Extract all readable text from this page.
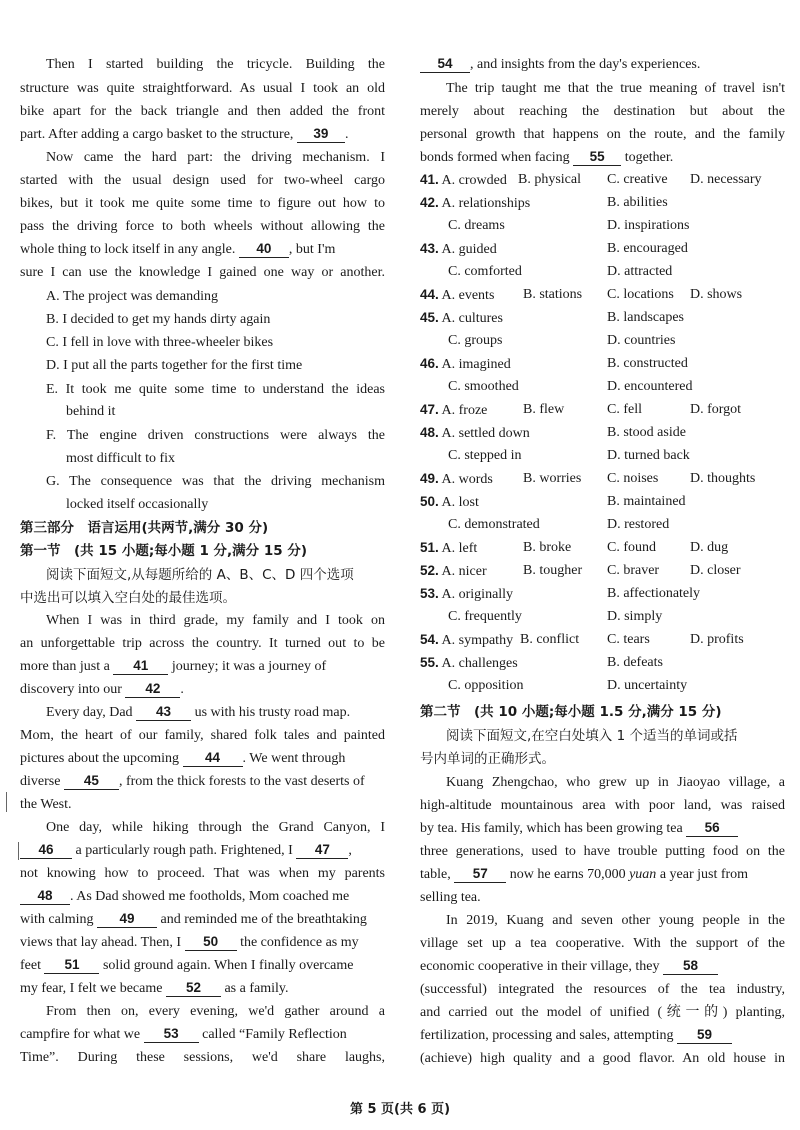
Then I started building the tricycle. Building the
structure was quite straightforward. As usual I took an old
bike apart for the back triangle and then added the front
part. After adding a cargo basket to the structure, 39 .
Now came the hard part: the driving mechanism. I
started with the usual design used for two-wheel cargo
bikes, but it took me quite some time to figure out how to
pass the driving force to both wheels without allowing the
whole thing to lock itself in any angle. 40 , but I'm
sure I can use the knowledge I gained one way or another.
A. The project was demanding
B. I decided to get my hands dirty again
C. I fell in love with three-wheeler bikes
D. I put all the parts together for the first time
E. It took me quite some time to understand the ideas
behind it
F. The engine driven constructions were always the
most difficult to fix
G. The consequence was that the driving mechanism
locked itself occasionally
第三部分　语言运用(共两节,满分 30 分)
第一节　(共 15 小题;每小题 1 分,满分 15 分)
阅读下面短文,从每题所给的 A、B、C、D 四个选项
中选出可以填入空白处的最佳选项。
When I was in third grade, my family and I took on
an unforgettable trip across the country. It turned out to be
more than just a 41 journey; it was a journey of
discovery into our 42 .
Every day, Dad 43 us with his trusty road map.
Mom, the heart of our family, shared folk tales and painted
pictures about the upcoming 44 . We went through
diverse 45 , from the thick forests to the vast deserts of
the West.
One day, while hiking through the Grand Canyon, I
46 a particularly rough path. Frightened, I 47 ,
not knowing how to proceed. That was when my parents
48 . As Dad showed me footholds, Mom coached me
with calming 49 and reminded me of the breathtaking
views that lay ahead. Then, I 50 the confidence as my
feet 51 solid ground again. When I finally overcame
my fear, I felt we became 52 as a family.
From then on, every evening, we'd gather around a
campfire for what we 53 called “Family Reflection
Time”. During these sessions, we'd share laughs,
54 , and insights from the day's experiences.
The trip taught me that the true meaning of travel isn't
merely about reaching the destination but about the
personal growth that happens on the route, and the family
bonds formed when facing 55 together.
41. A. crowded B. physical C. creative D. necessary
42. A. relationships	B. abilities
C. dreams	D. inspirations
43. A. guided	B. encouraged
C. comforted	D. attracted
44. A. events B. stations C. locations D. shows
45. A. cultures	B. landscapes
C. groups	D. countries
46. A. imagined	B. constructed
C. smoothed	D. encountered
47. A. froze	B. flew	C. fell	D. forgot
48. A. settled down	B. stood aside
C. stepped in	D. turned back
49. A. words B. worries C. noises D. thoughts
50. A. lost	B. maintained
C. demonstrated	D. restored
51. A. left	B. broke	C. found D. dug
52. A. nicer	B. tougher C. braver D. closer
53. A. originally	B. affectionately
C. frequently	D. simply
54. A. sympathy B. conflict C. tears	D. profits
55. A. challenges	B. defeats
C. opposition	D. uncertainty
第二节　(共 10 小题;每小题 1.5 分,满分 15 分)
阅读下面短文,在空白处填入 1 个适当的单词或括
号内单词的正确形式。
Kuang Zhengchao, who grew up in Jiaoyao village, a
high-altitude mountainous area with poor land, was raised
by tea. His family, which has been growing tea 56
three generations, used to have trouble putting food on the
table, 57 now he earns 70,000 yuan a year just from
selling tea.
In 2019, Kuang and seven other young people in the
village set up a tea cooperative. With the support of the
economic cooperative in their village, they 58
(successful) integrated the resources of the tea industry,
and carried out the model of unified (统一的) planting,
fertilization, processing and sales, attempting 59
(achieve) high quality and a good flavor. An old house in
第 5 页(共 6 页)
